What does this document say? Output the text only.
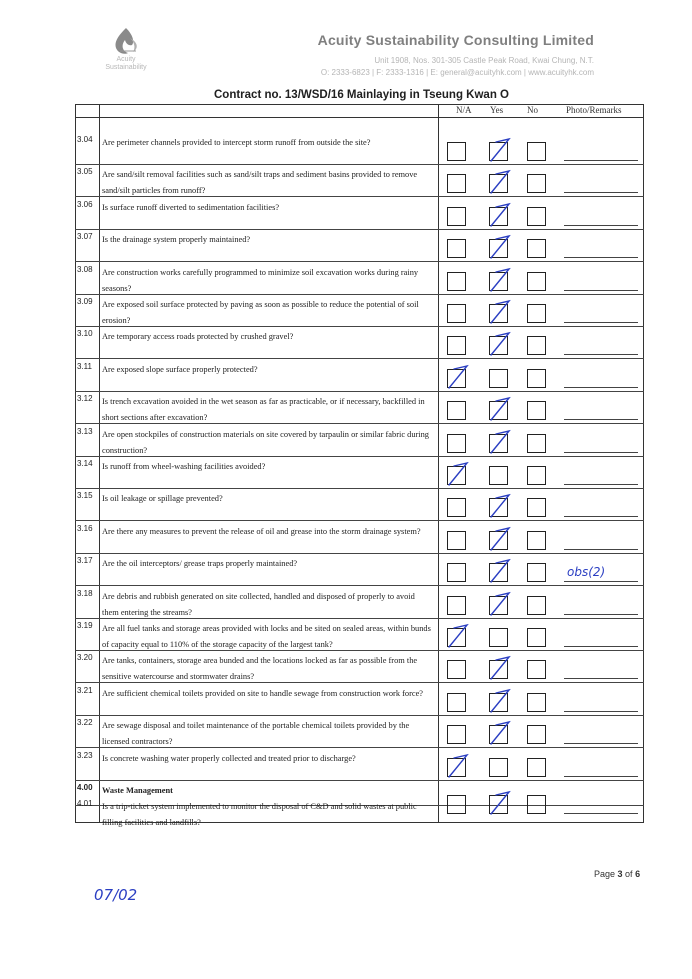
Acuity
Sustainability
Acuity Sustainability Consulting Limited
Unit 1908, Nos. 301-305 Castle Peak Road, Kwai Chung, N.T.
O: 2333-6823 | F: 2333-1316 | E: general@acuityhk.com | www.acuityhk.com
Contract no. 13/WSD/16 Mainlaying in Tseung Kwan O
N/A Yes	No	Photo/Remarks
3.04 Are perimeter channels provided to intercept storm runoff from outside the site?
3.05 Are sand/silt removal facilities such as sand/silt traps and sediment basins provided to remove sand/silt particles from runoff?
3.06 Is surface runoff diverted to sedimentation facilities?
3.07 Is the drainage system properly maintained?
3.08 Are construction works carefully programmed to minimize soil excavation works during rainy seasons?
3.09 Are exposed soil surface protected by paving as soon as possible to reduce the potential of soil erosion?
3.10 Are temporary access roads protected by crushed gravel?
3.11 Are exposed slope surface properly protected?
3.12 Is trench excavation avoided in the wet season as far as practicable, or if necessary, backfilled in short sections after excavation?
3.13 Are open stockpiles of construction materials on site covered by tarpaulin or similar fabric during construction?
3.14 Is runoff from wheel-washing facilities avoided?
3.15 Is oil leakage or spillage prevented?
3.16 Are there any measures to prevent the release of oil and grease into the storm drainage system?
3.17 Are the oil interceptors/ grease traps properly maintained?
obs(2)
3.18 Are debris and rubbish generated on site collected, handled and disposed of properly to avoid them entering the streams?
3.19 Are all fuel tanks and storage areas provided with locks and be sited on sealed areas, within bunds of capacity equal to 110% of the storage capacity of the largest tank?
3.20 Are tanks, containers, storage area bunded and the locations locked as far as possible from the sensitive watercourse and stormwater drains?
3.21 Are sufficient chemical toilets provided on site to handle sewage from construction work force?
3.22 Are sewage disposal and toilet maintenance of the portable chemical toilets provided by the licensed contractors?
3.23 Is concrete washing water properly collected and treated prior to discharge?
4.00 Waste Management
4.01 Is a trip-ticket system implemented to monitor the disposal of C&D and solid wastes at public filling facilities and landfills?
Page 3 of 6
07/02
